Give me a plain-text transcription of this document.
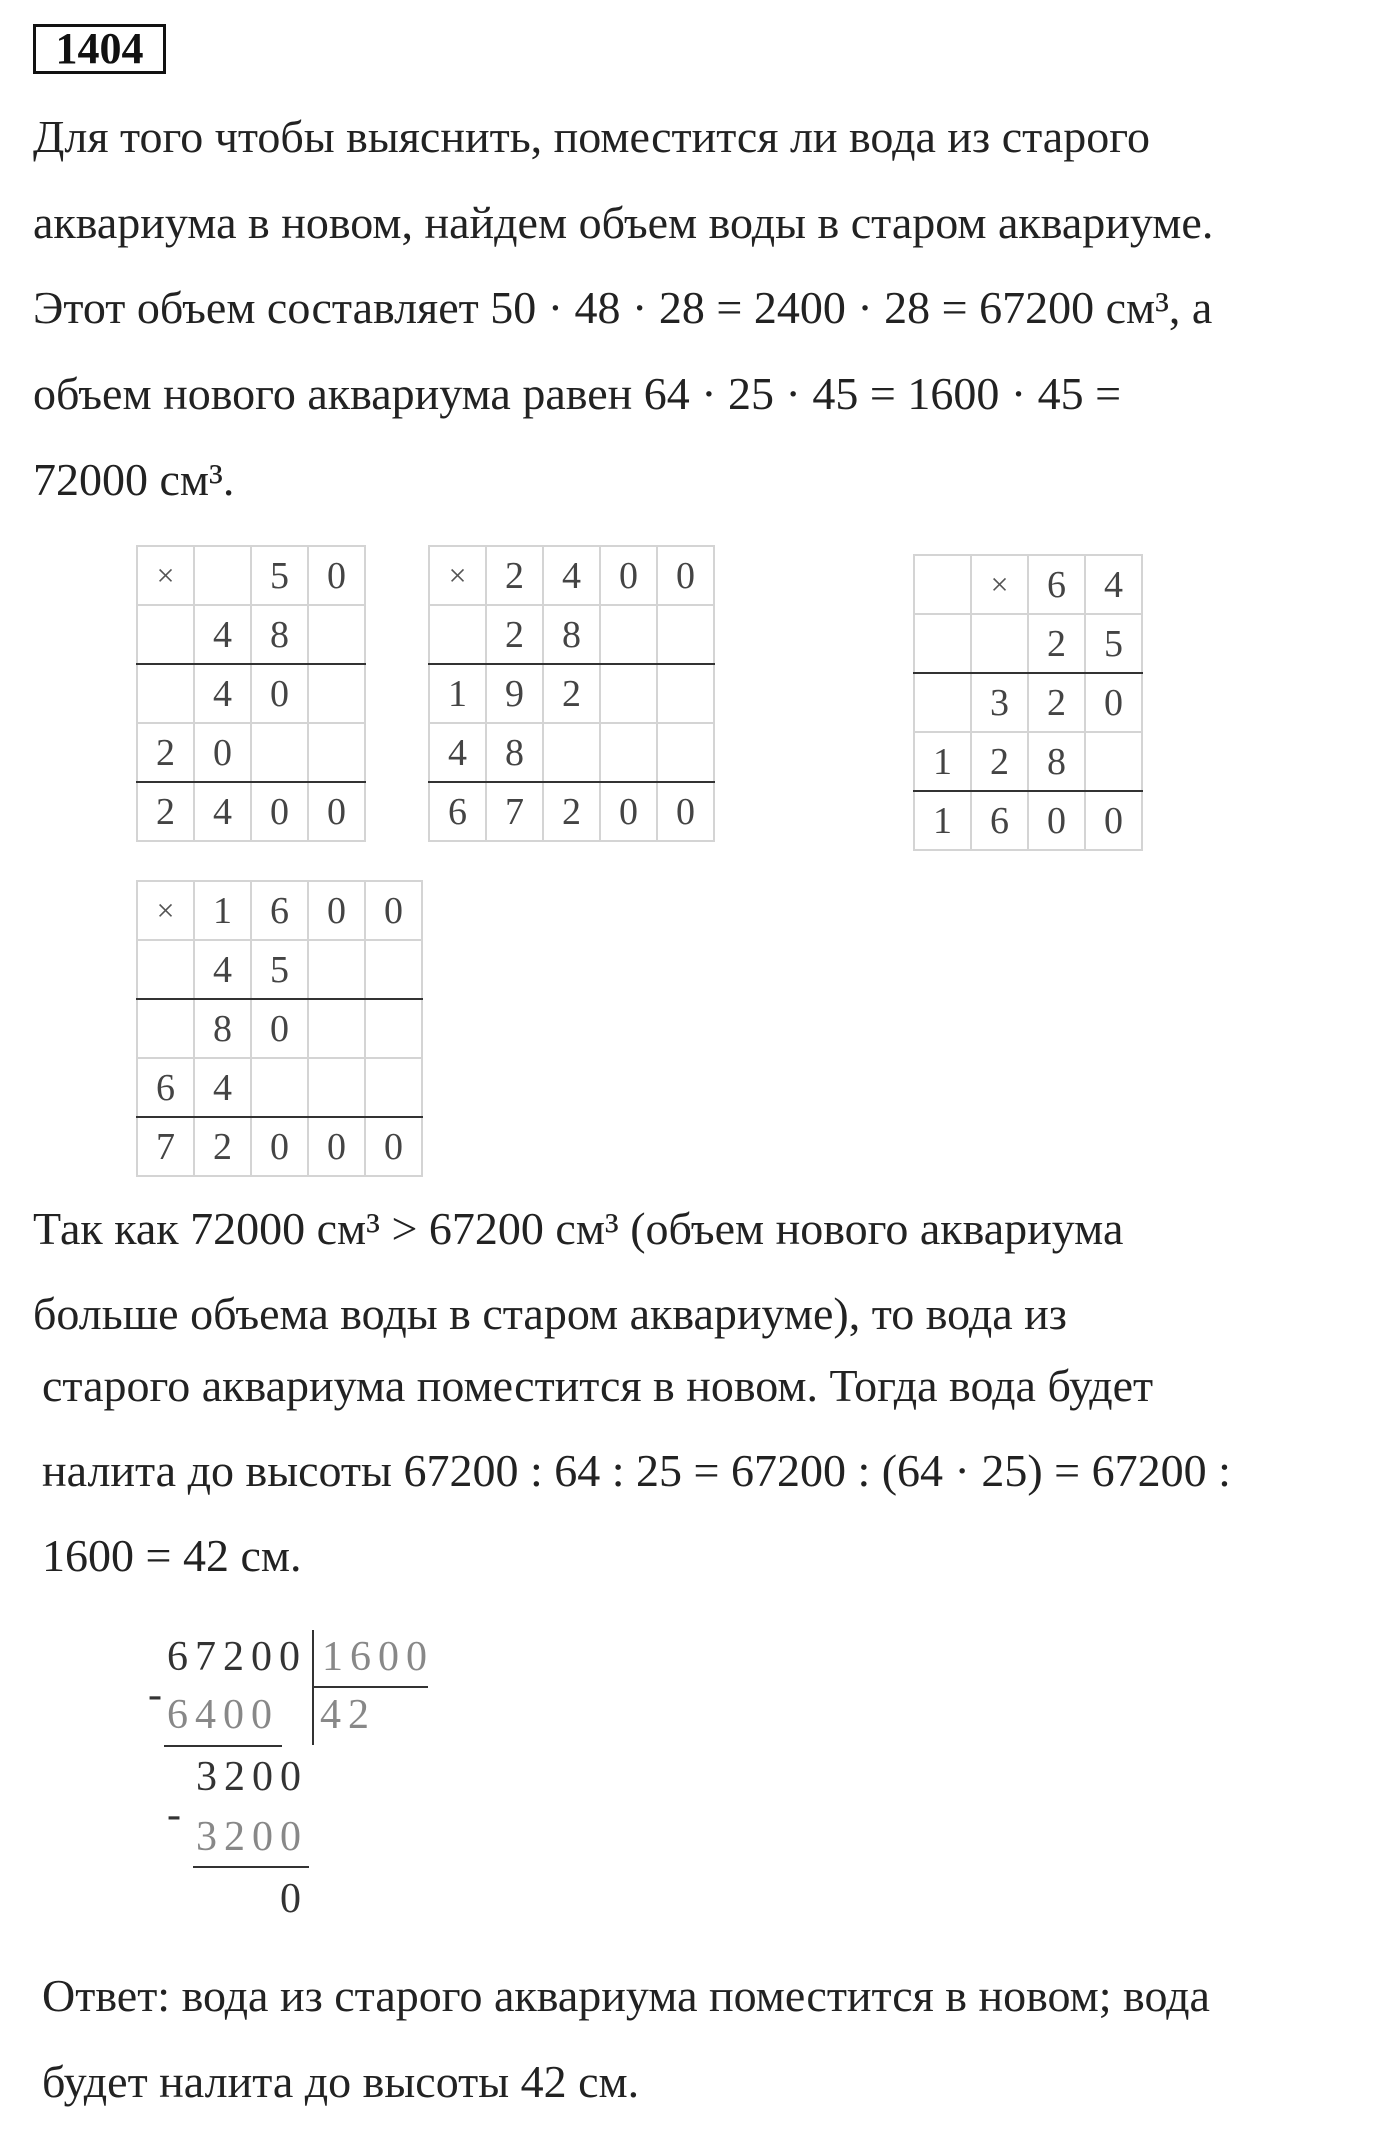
1404
Для того чтобы выяснить, поместится ли вода из старого
аквариума в новом, найдем объем воды в старом аквариуме.
Этот объем составляет 50 · 48 · 28 = 2400 · 28 = 67200 см³, а
объем нового аквариума равен 64 · 25 · 45 = 1600 · 45 =
72000 см³.
×		5	0
	4	8	
	4	0	
2	0		
2	4	0	0
×	2	4	0	0
	2	8		
1	9	2		
4	8			
6	7	2	0	0
	×	6	4
		2	5
	3	2	0
1	2	8	
1	6	0	0
×	1	6	0	0
	4	5		
	8	0		
6	4			
7	2	0	0	0
Так как 72000 см³ > 67200 см³ (объем нового аквариума
больше объема воды в старом аквариуме), то вода из
старого аквариума поместится в новом. Тогда вода будет
налита до высоты 67200 : 64 : 25 = 67200 : (64 · 25) = 67200 :
1600 = 42 см.
67200 1600
- 6400 42
3200
- 3200
0
Ответ: вода из старого аквариума поместится в новом; вода
будет налита до высоты 42 см.
